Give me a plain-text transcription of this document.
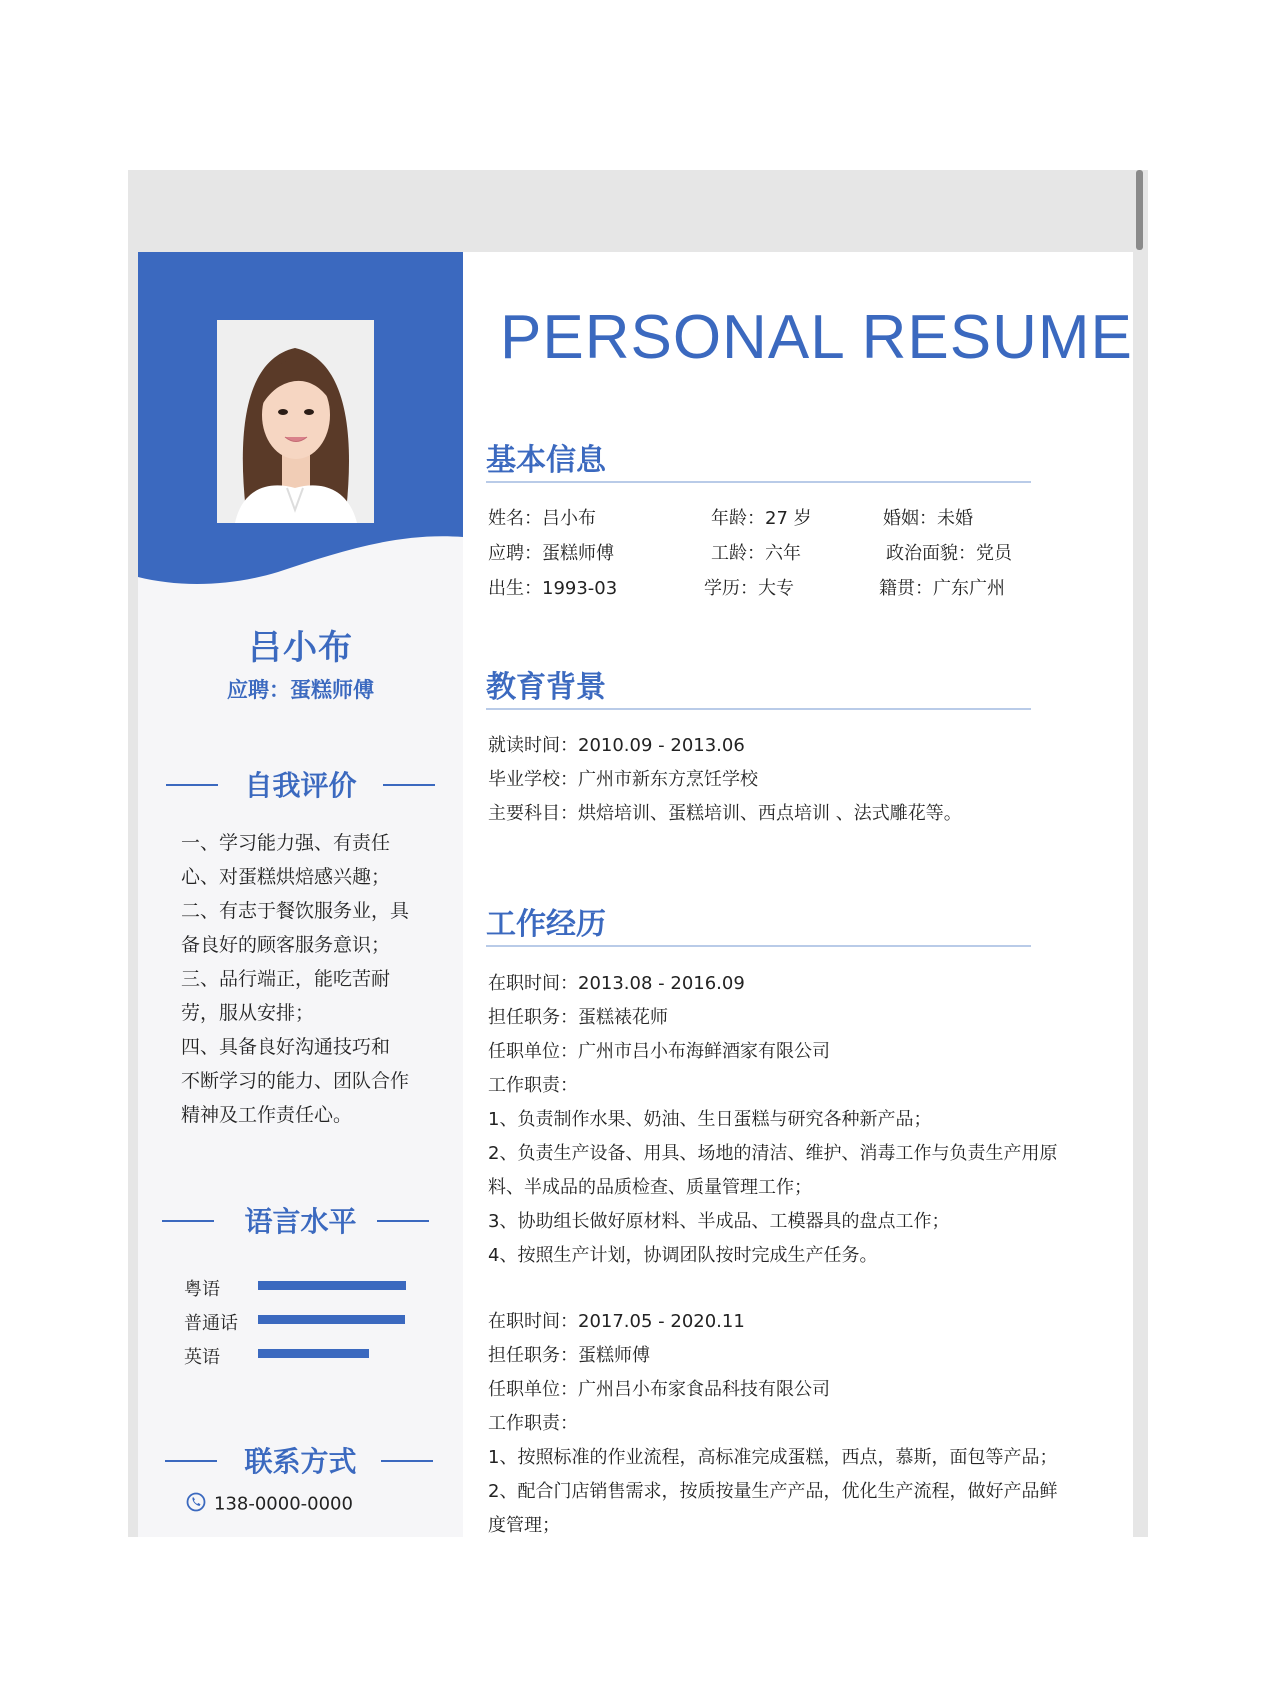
吕小布
应聘：蛋糕师傅
自我评价
一、学习能力强、有责任
心、对蛋糕烘焙感兴趣；
二、有志于餐饮服务业，具
备良好的顾客服务意识；
三、品行端正，能吃苦耐
劳，服从安排；
四、具备良好沟通技巧和
不断学习的能力、团队合作
精神及工作责任心。
语言水平
粤语
普通话
英语
联系方式
138-0000-0000
PERSONAL RESUME
基本信息
姓名：吕小布	年龄：27 岁	婚姻：未婚
应聘：蛋糕师傅	工龄：六年	政治面貌：党员
出生：1993-03	学历：大专	籍贯：广东广州
教育背景
就读时间：2010.09 - 2013.06
毕业学校：广州市新东方烹饪学校
主要科目：烘焙培训、蛋糕培训、西点培训 、法式雕花等。
工作经历
在职时间：2013.08 - 2016.09
担任职务：蛋糕裱花师
任职单位：广州市吕小布海鲜酒家有限公司
工作职责：
1、负责制作水果、奶油、生日蛋糕与研究各种新产品；
2、负责生产设备、用具、场地的清洁、维护、消毒工作与负责生产用原
料、半成品的品质检查、质量管理工作；
3、协助组长做好原材料、半成品、工模器具的盘点工作；
4、按照生产计划，协调团队按时完成生产任务。
在职时间：2017.05 - 2020.11
担任职务：蛋糕师傅
任职单位：广州吕小布家食品科技有限公司
工作职责：
1、按照标准的作业流程，高标准完成蛋糕，西点，慕斯，面包等产品；
2、配合门店销售需求，按质按量生产产品，优化生产流程，做好产品鲜
度管理；
